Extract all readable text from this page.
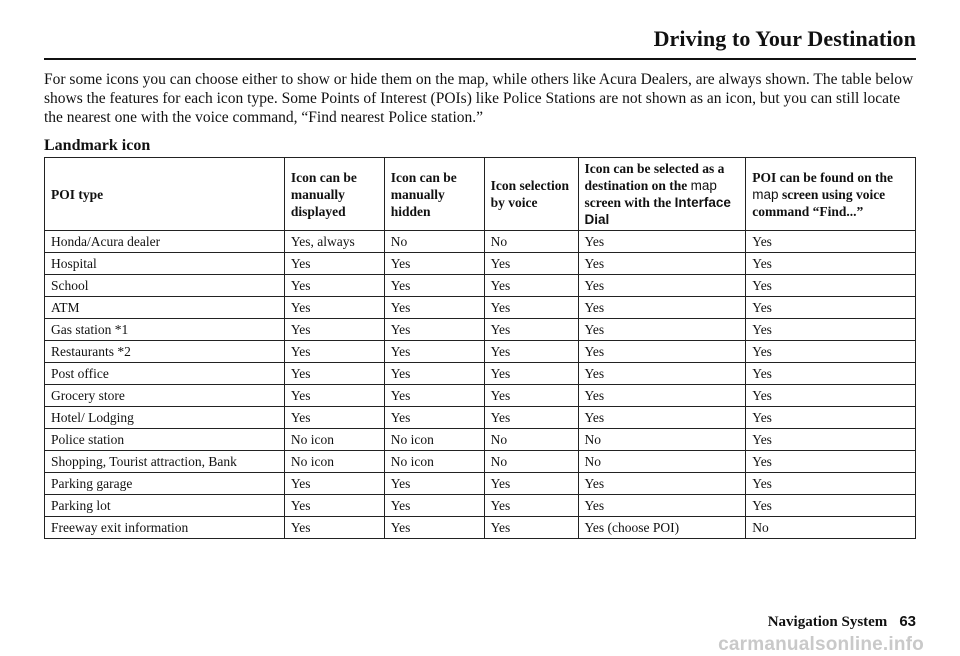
Driving to Your Destination

For some icons you can choose either to show or hide them on the map, while others like Acura Dealers, are always shown. The table below shows the features for each icon type. Some Points of Interest (POIs) like Police Stations are not shown as an icon, but you can still locate the nearest one with the voice command, “Find nearest Police station.”

Landmark icon
POI type	Icon can be manually displayed	Icon can be manually hidden	Icon selection by voice	Icon can be selected as a destination on the map screen with the Interface Dial	POI can be found on the map screen using voice command “Find...”
Honda/Acura dealer	Yes, always	No	No	Yes	Yes
Hospital	Yes	Yes	Yes	Yes	Yes
School	Yes	Yes	Yes	Yes	Yes
ATM	Yes	Yes	Yes	Yes	Yes
Gas station *1	Yes	Yes	Yes	Yes	Yes
Restaurants *2	Yes	Yes	Yes	Yes	Yes
Post office	Yes	Yes	Yes	Yes	Yes
Grocery store	Yes	Yes	Yes	Yes	Yes
Hotel/ Lodging	Yes	Yes	Yes	Yes	Yes
Police station	No icon	No icon	No	No	Yes
Shopping, Tourist attraction, Bank	No icon	No icon	No	No	Yes
Parking garage	Yes	Yes	Yes	Yes	Yes
Parking lot	Yes	Yes	Yes	Yes	Yes
Freeway exit information	Yes	Yes	Yes	Yes (choose POI)	No
Navigation System 63
carmanualsonline.info
